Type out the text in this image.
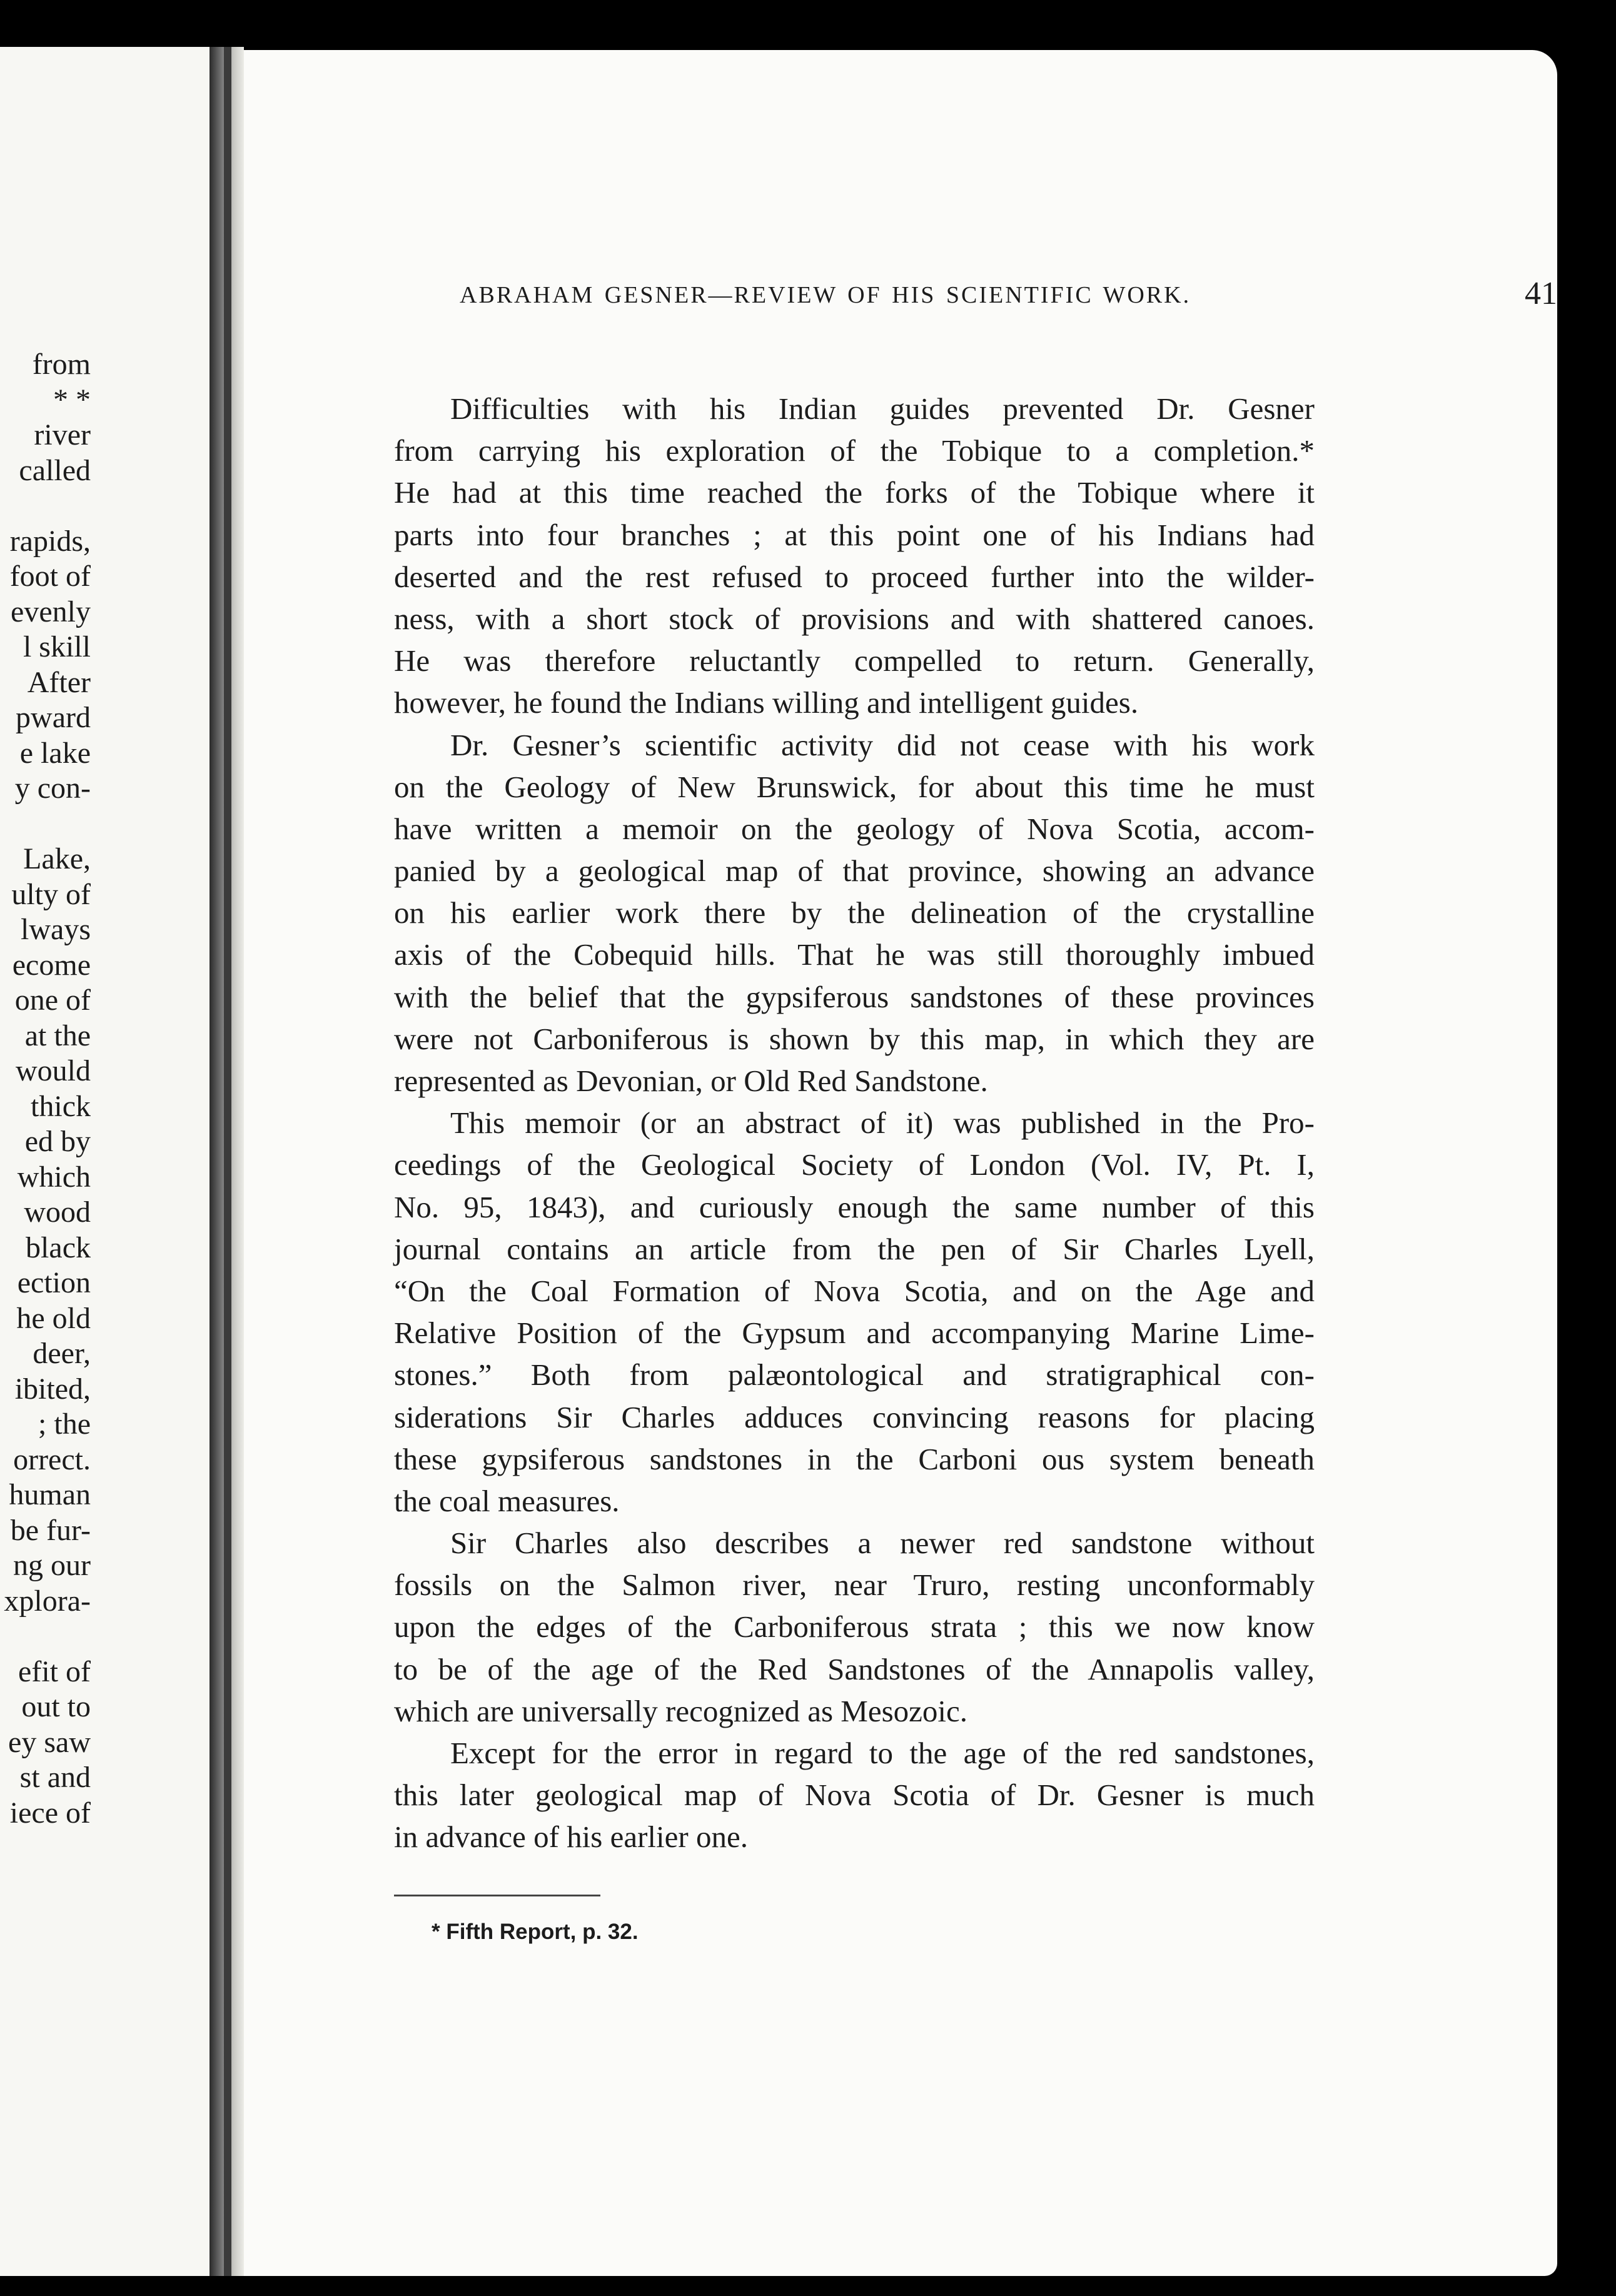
from
* *
river
called
rapids,
foot of
evenly
l skill
After
pward
e lake
y con-
Lake,
ulty of
lways
ecome
one of
at the
would
thick
ed by
which
wood
black
ection
he old
deer,
ibited,
; the
orrect.
human
be fur-
ng our
xplora-
efit of
out to
ey saw
st and
iece of
ABRAHAM GESNER—REVIEW OF HIS SCIENTIFIC WORK.	41
Difficulties with his Indian guides prevented Dr. Gesner
from carrying his exploration of the Tobique to a completion.*
He had at this time reached the forks of the Tobique where it
parts into four branches ; at this point one of his Indians had
deserted and the rest refused to proceed further into the wilder-
ness, with a short stock of provisions and with shattered canoes.
He was therefore reluctantly compelled to return. Generally,
however, he found the Indians willing and intelligent guides.
Dr. Gesner’s scientific activity did not cease with his work
on the Geology of New Brunswick, for about this time he must
have written a memoir on the geology of Nova Scotia, accom-
panied by a geological map of that province, showing an advance
on his earlier work there by the delineation of the crystalline
axis of the Cobequid hills. That he was still thoroughly imbued
with the belief that the gypsiferous sandstones of these provinces
were not Carboniferous is shown by this map, in which they are
represented as Devonian, or Old Red Sandstone.
This memoir (or an abstract of it) was published in the Pro-
ceedings of the Geological Society of London (Vol. IV, Pt. I,
No. 95, 1843), and curiously enough the same number of this
journal contains an article from the pen of Sir Charles Lyell,
“On the Coal Formation of Nova Scotia, and on the Age and
Relative Position of the Gypsum and accompanying Marine Lime-
stones.” Both from palæontological and stratigraphical con-
siderations Sir Charles adduces convincing reasons for placing
these gypsiferous sandstones in the Carboni ous system beneath
the coal measures.
Sir Charles also describes a newer red sandstone without
fossils on the Salmon river, near Truro, resting unconformably
upon the edges of the Carboniferous strata ; this we now know
to be of the age of the Red Sandstones of the Annapolis valley,
which are universally recognized as Mesozoic.
Except for the error in regard to the age of the red sandstones,
this later geological map of Nova Scotia of Dr. Gesner is much
in advance of his earlier one.
* Fifth Report, p. 32.
